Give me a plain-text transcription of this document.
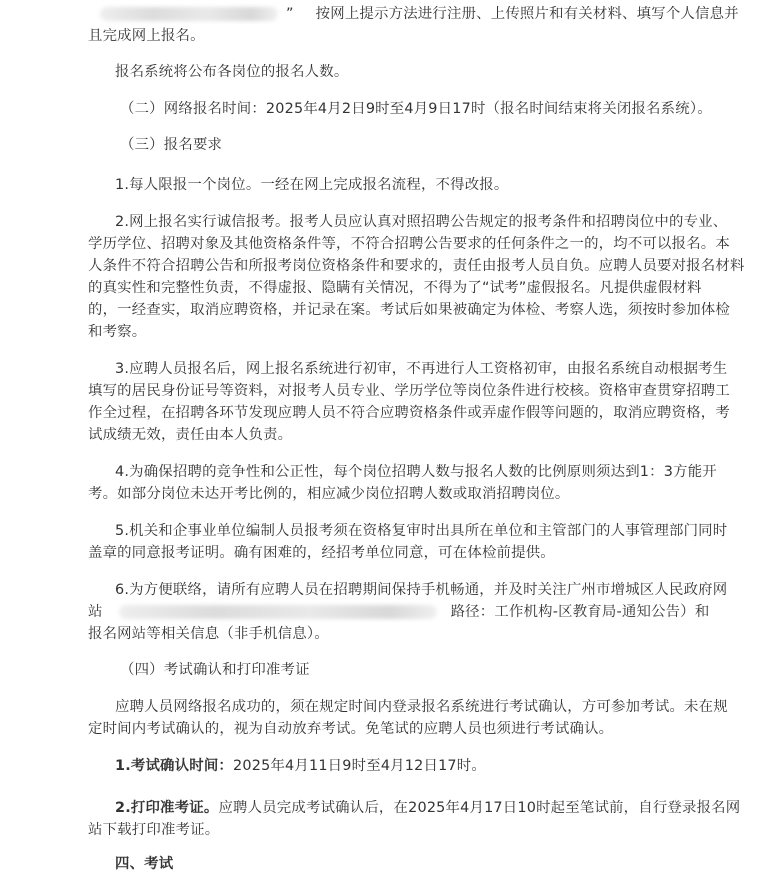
” 按网上提示方法进行注册、上传照片和有关材料、填写个人信息并
且完成网上报名。
报名系统将公布各岗位的报名人数。
（二）网络报名时间：2025年4月2日9时至4月9日17时（报名时间结束将关闭报名系统）。
（三）报名要求
1.每人限报一个岗位。一经在网上完成报名流程，不得改报。
2.网上报名实行诚信报考。报考人员应认真对照招聘公告规定的报考条件和招聘岗位中的专业、
学历学位、招聘对象及其他资格条件等，不符合招聘公告要求的任何条件之一的，均不可以报名。本
人条件不符合招聘公告和所报考岗位资格条件和要求的，责任由报考人员自负。应聘人员要对报名材料
的真实性和完整性负责，不得虚报、隐瞒有关情况，不得为了“试考”虚假报名。凡提供虚假材料
的，一经查实，取消应聘资格，并记录在案。考试后如果被确定为体检、考察人选，须按时参加体检
和考察。
3.应聘人员报名后，网上报名系统进行初审，不再进行人工资格初审，由报名系统自动根据考生
填写的居民身份证号等资料，对报考人员专业、学历学位等岗位条件进行校核。资格审查贯穿招聘工
作全过程，在招聘各环节发现应聘人员不符合应聘资格条件或弄虚作假等问题的，取消应聘资格，考
试成绩无效，责任由本人负责。
4.为确保招聘的竞争性和公正性，每个岗位招聘人数与报名人数的比例原则须达到1：3方能开
考。如部分岗位未达开考比例的，相应减少岗位招聘人数或取消招聘岗位。
5.机关和企事业单位编制人员报考须在资格复审时出具所在单位和主管部门的人事管理部门同时
盖章的同意报考证明。确有困难的，经招考单位同意，可在体检前提供。
6.为方便联络，请所有应聘人员在招聘期间保持手机畅通，并及时关注广州市增城区人民政府网
站	路径：工作机构-区教育局-通知公告）和
报名网站等相关信息（非手机信息）。
（四）考试确认和打印准考证
应聘人员网络报名成功的，须在规定时间内登录报名系统进行考试确认，方可参加考试。未在规
定时间内考试确认的，视为自动放弃考试。免笔试的应聘人员也须进行考试确认。
1.考试确认时间：2025年4月11日9时至4月12日17时。
2.打印准考证。应聘人员完成考试确认后，在2025年4月17日10时起至笔试前，自行登录报名网
站下载打印准考证。
四、考试
